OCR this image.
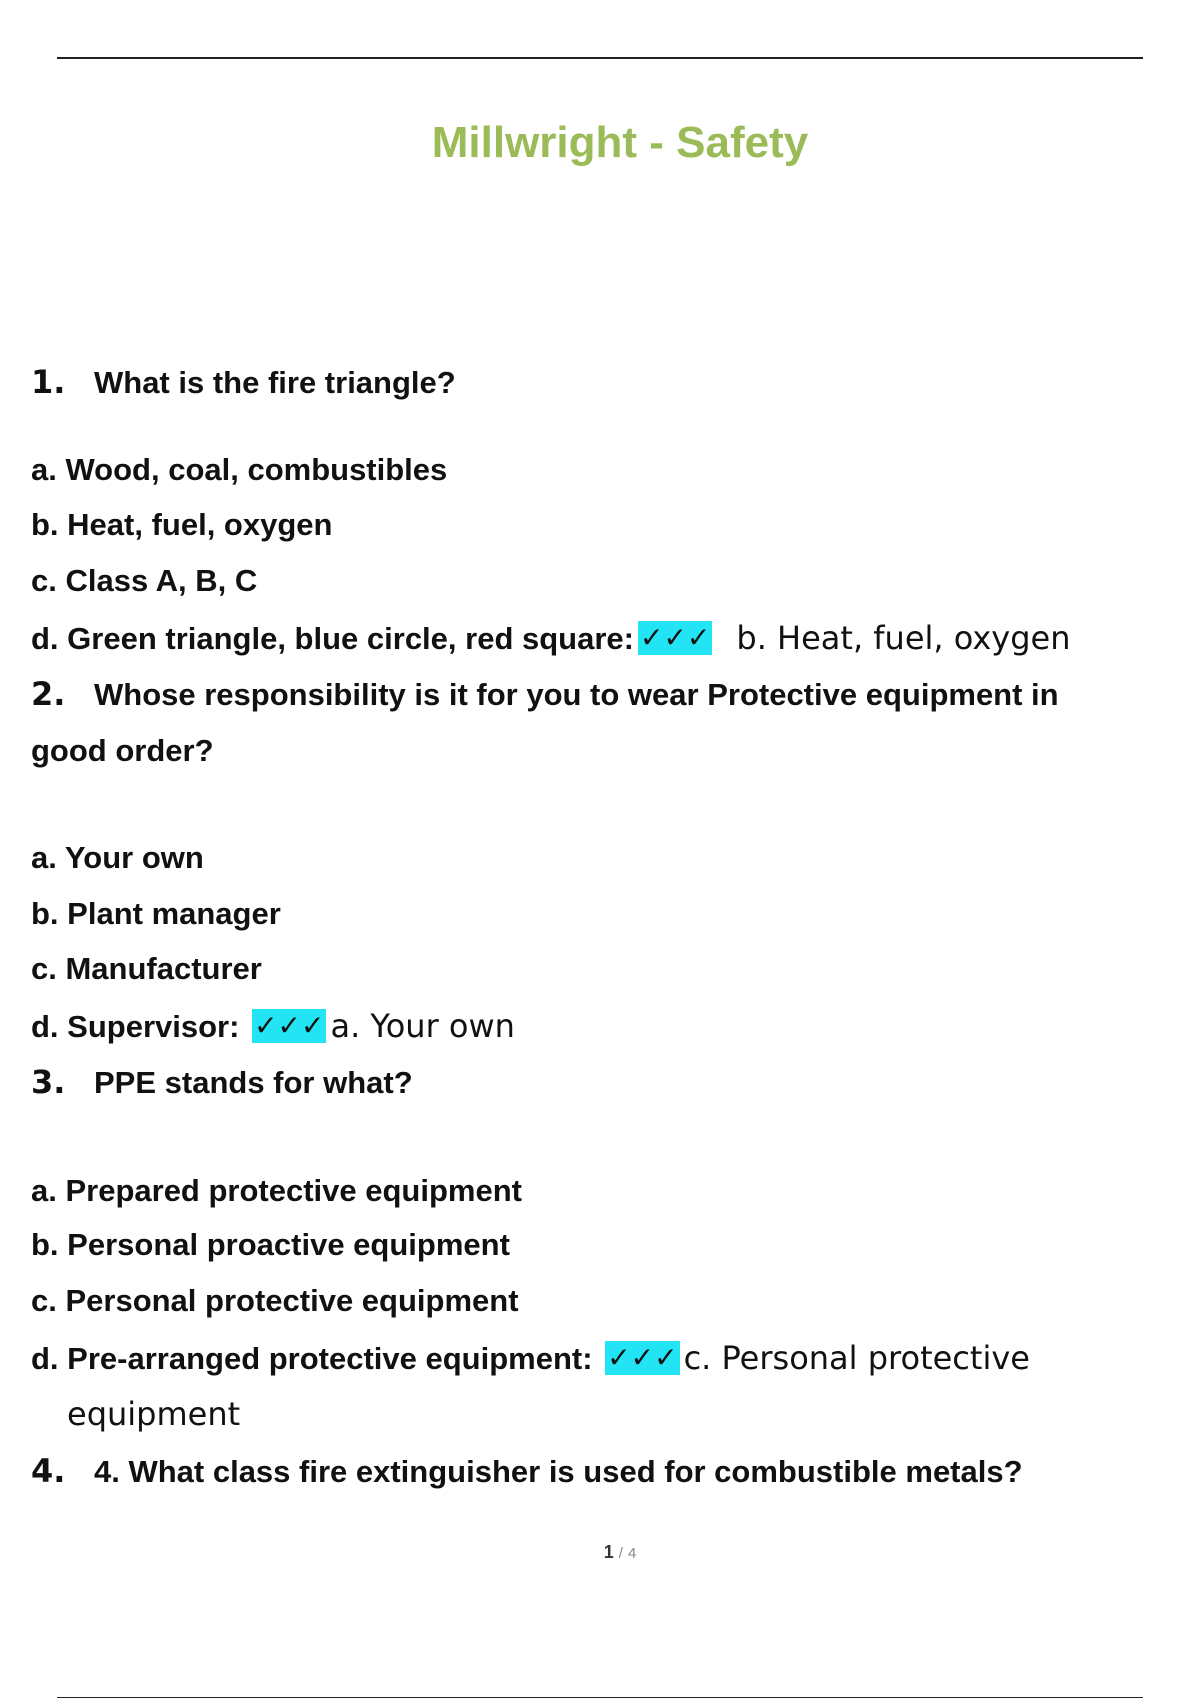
Millwright - Safety
1. What is the fire triangle?
a. Wood, coal, combustibles
b. Heat, fuel, oxygen
c. Class A, B, C
d. Green triangle, blue circle, red square: ✓✓✓ b. Heat, fuel, oxygen
2. Whose responsibility is it for you to wear Protective equipment in good order?
a. Your own
b. Plant manager
c. Manufacturer
d. Supervisor: ✓✓✓ a. Your own
3. PPE stands for what?
a. Prepared protective equipment
b. Personal proactive equipment
c. Personal protective equipment
d. Pre-arranged protective equipment: ✓✓✓ c. Personal protective
equipment
4. 4. What class fire extinguisher is used for combustible metals?
1 / 4
